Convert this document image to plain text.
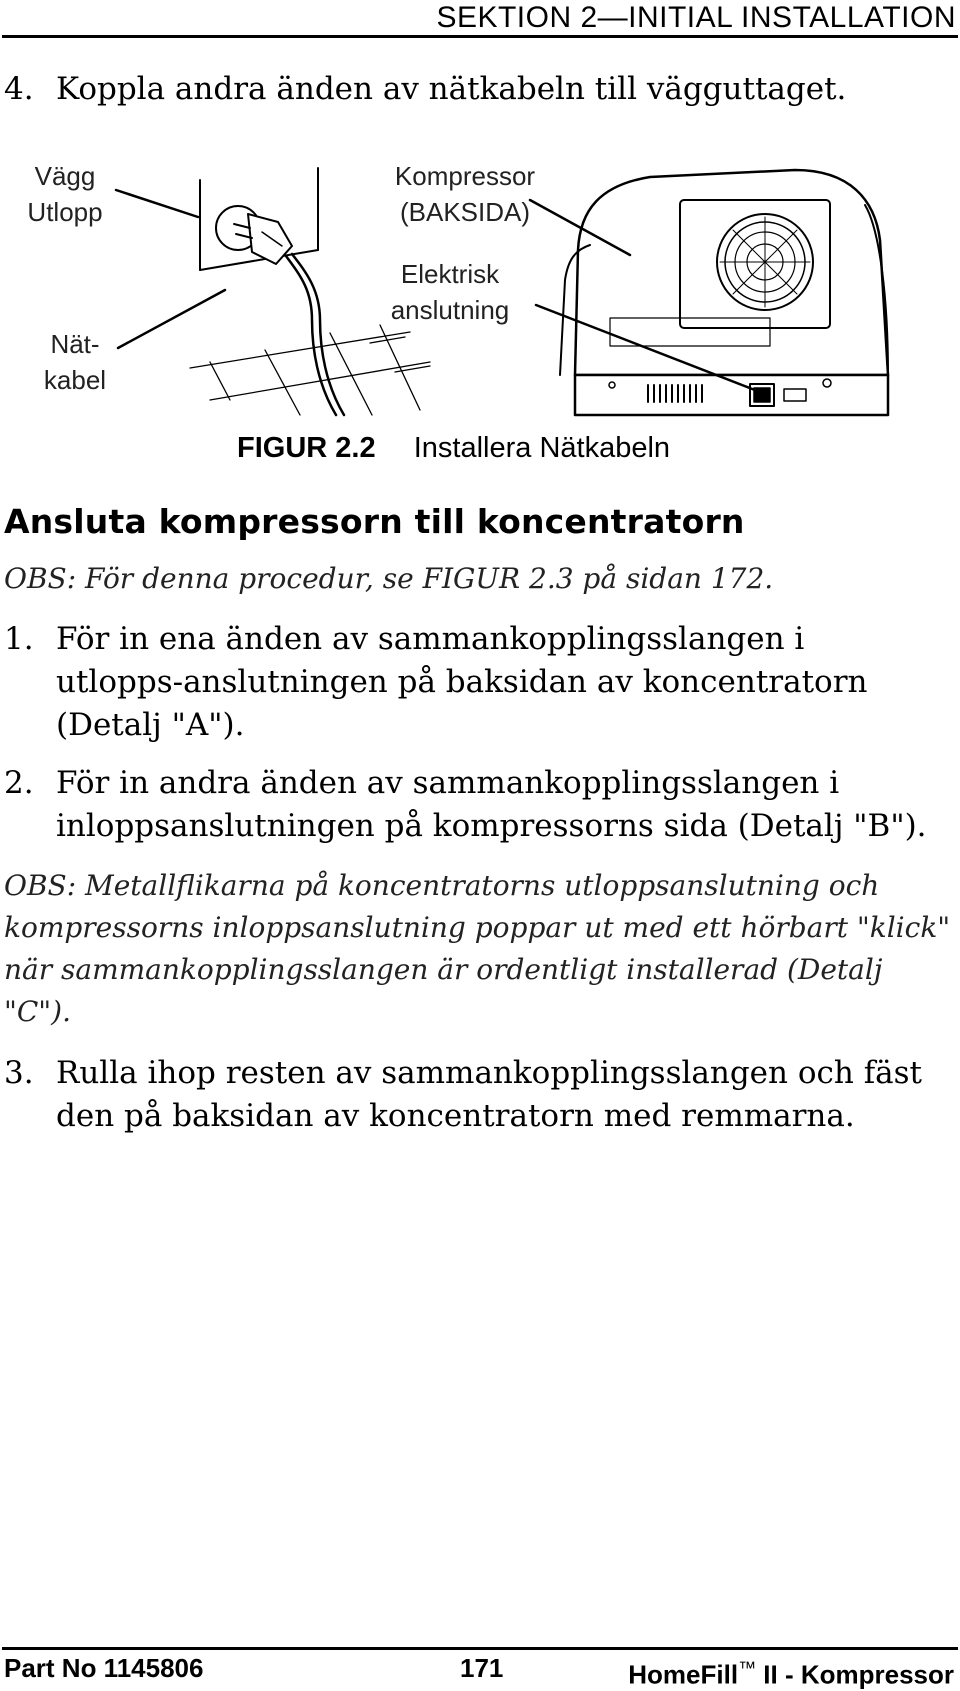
SEKTION 2—INITIAL INSTALLATION
4. Koppla andra änden av nätkabeln till vägguttaget.
Vägg
Utlopp
Nät-
kabel
Kompressor
(BAKSIDA)
Elektrisk
anslutning
FIGUR 2.2 Installera Nätkabeln
Ansluta kompressorn till koncentratorn
OBS: För denna procedur, se FIGUR 2.3 på sidan 172.
1. För in ena änden av sammankopplingsslangen i
utlopps-anslutningen på baksidan av koncentratorn
(Detalj "A").
2. För in andra änden av sammankopplingsslangen i
inloppsanslutningen på kompressorns sida (Detalj "B").
OBS: Metallflikarna på koncentratorns utloppsanslutning och
kompressorns inloppsanslutning poppar ut med ett hörbart "klick"
när sammankopplingsslangen är ordentligt installerad (Detalj
"C").
3. Rulla ihop resten av sammankopplingsslangen och fäst
den på baksidan av koncentratorn med remmarna.
Part No 1145806	171	HomeFill™ II - Kompressor
